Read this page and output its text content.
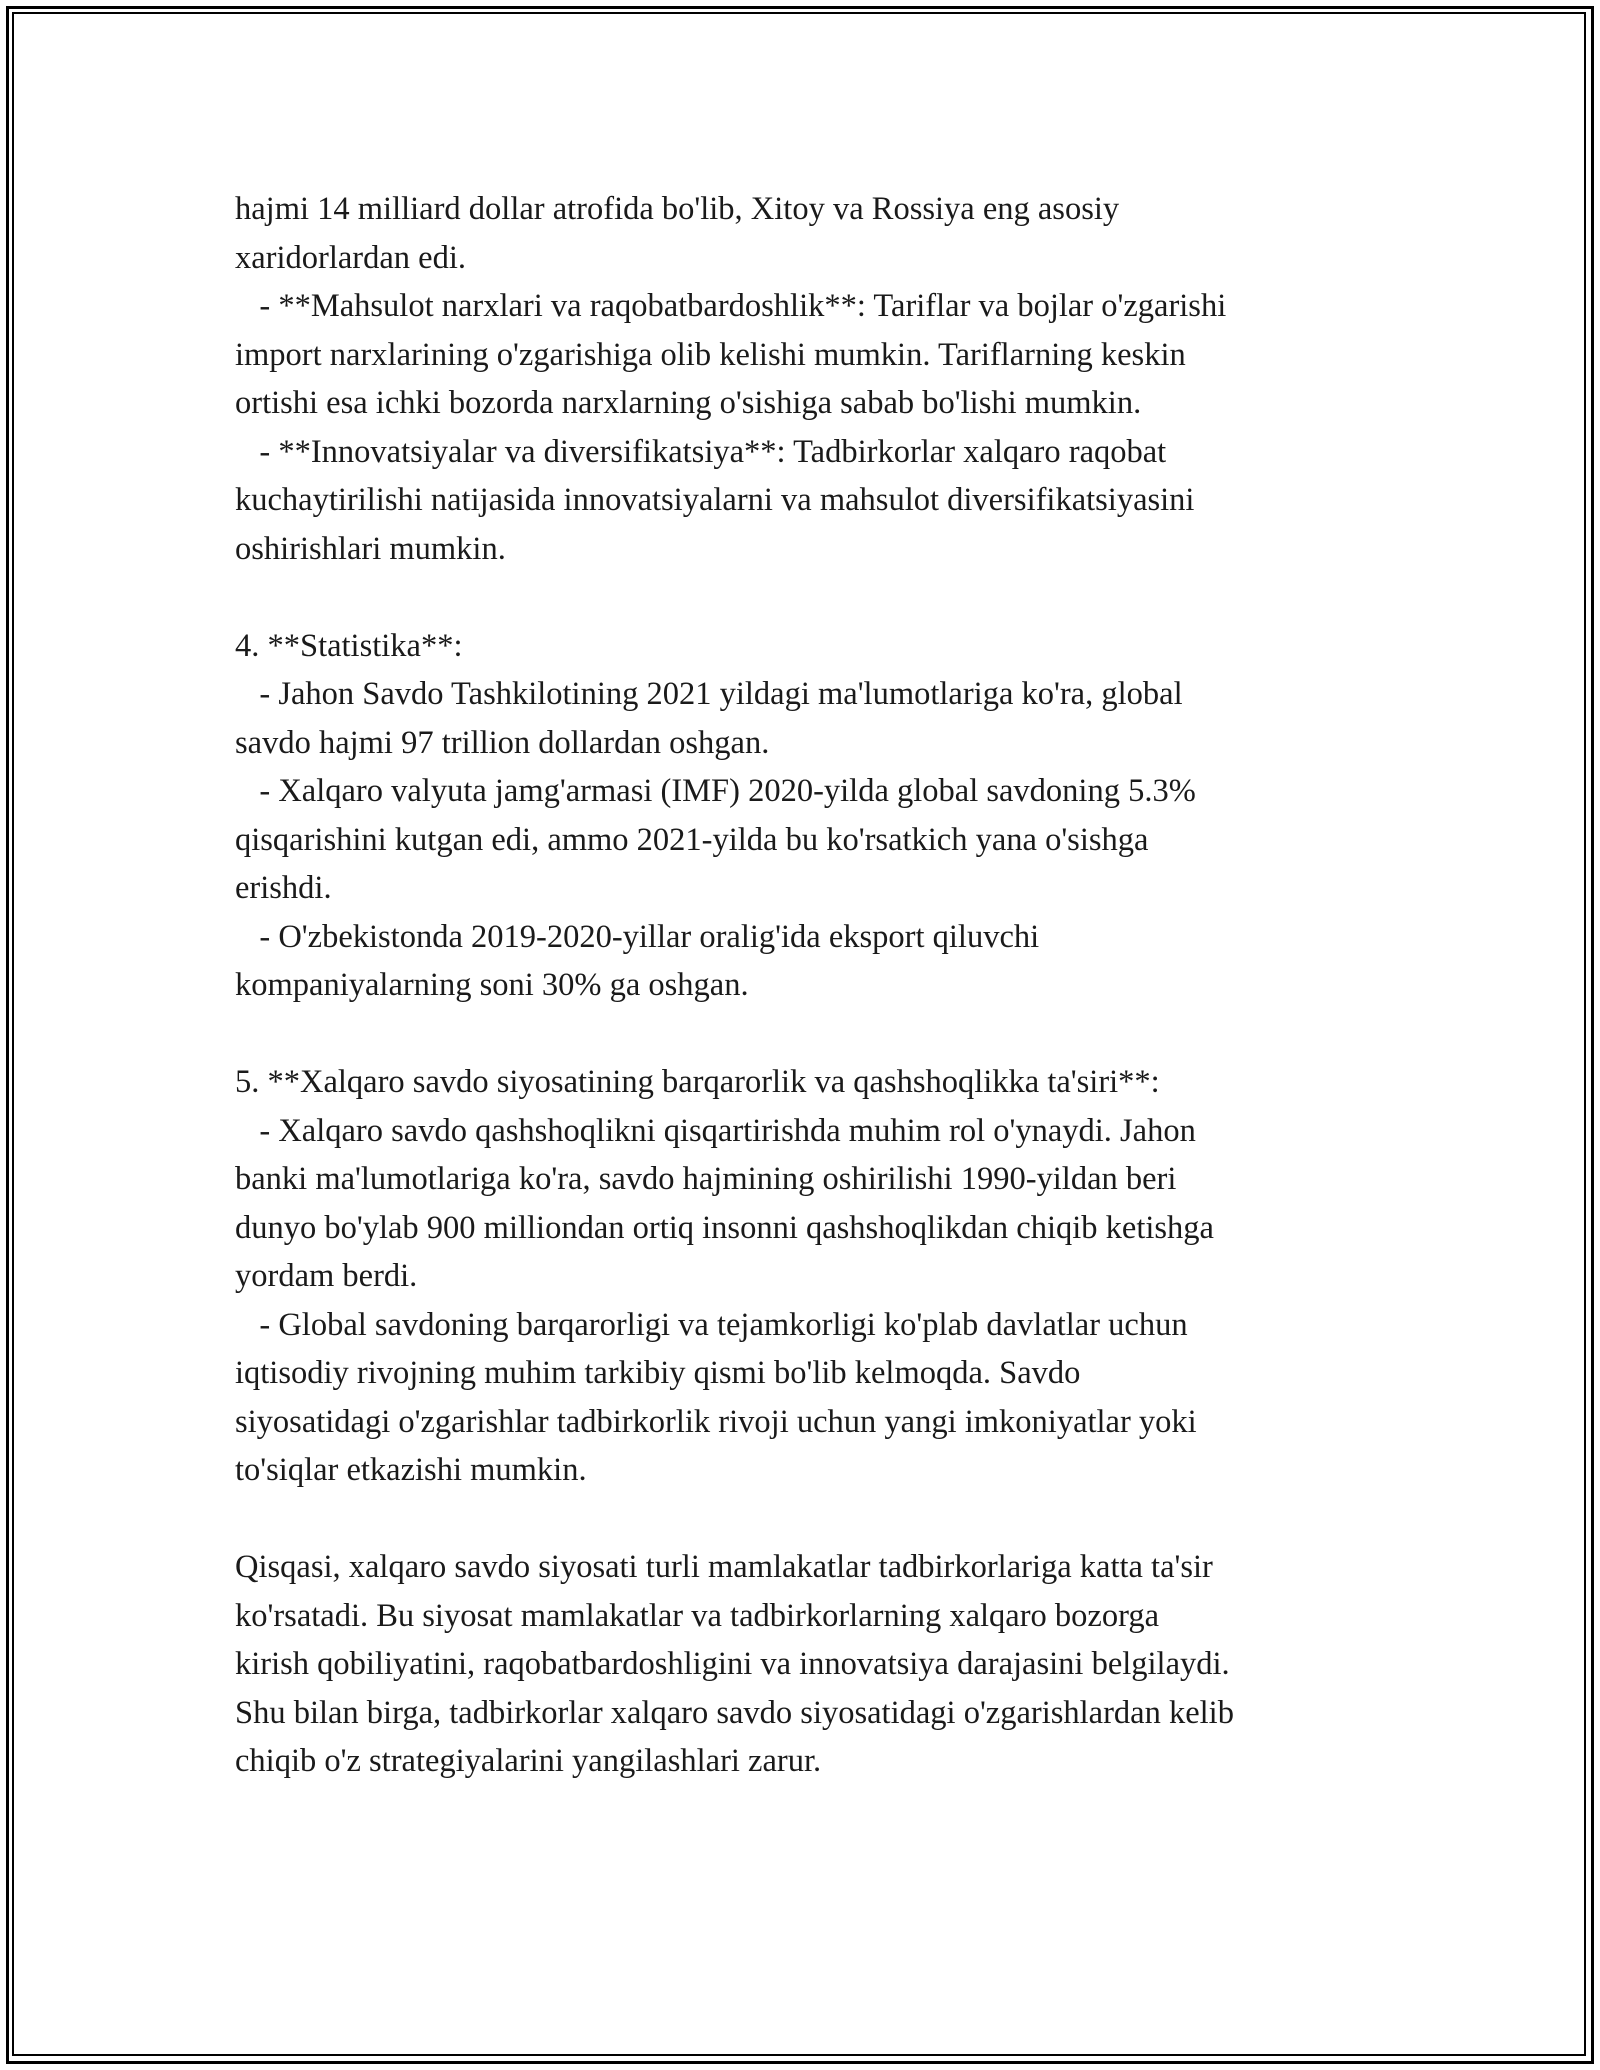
hajmi 14 milliard dollar atrofida bo'lib, Xitoy va Rossiya eng asosiy
xaridorlardan edi.
- **Mahsulot narxlari va raqobatbardoshlik**: Tariflar va bojlar o'zgarishi
import narxlarining o'zgarishiga olib kelishi mumkin. Tariflarning keskin
ortishi esa ichki bozorda narxlarning o'sishiga sabab bo'lishi mumkin.
- **Innovatsiyalar va diversifikatsiya**: Tadbirkorlar xalqaro raqobat
kuchaytirilishi natijasida innovatsiyalarni va mahsulot diversifikatsiyasini
oshirishlari mumkin.
4. **Statistika**:
- Jahon Savdo Tashkilotining 2021 yildagi ma'lumotlariga ko'ra, global
savdo hajmi 97 trillion dollardan oshgan.
- Xalqaro valyuta jamg'armasi (IMF) 2020-yilda global savdoning 5.3%
qisqarishini kutgan edi, ammo 2021-yilda bu ko'rsatkich yana o'sishga
erishdi.
- O'zbekistonda 2019-2020-yillar oralig'ida eksport qiluvchi
kompaniyalarning soni 30% ga oshgan.
5. **Xalqaro savdo siyosatining barqarorlik va qashshoqlikka ta'siri**:
- Xalqaro savdo qashshoqlikni qisqartirishda muhim rol o'ynaydi. Jahon
banki ma'lumotlariga ko'ra, savdo hajmining oshirilishi 1990-yildan beri
dunyo bo'ylab 900 milliondan ortiq insonni qashshoqlikdan chiqib ketishga
yordam berdi.
- Global savdoning barqarorligi va tejamkorligi ko'plab davlatlar uchun
iqtisodiy rivojning muhim tarkibiy qismi bo'lib kelmoqda. Savdo
siyosatidagi o'zgarishlar tadbirkorlik rivoji uchun yangi imkoniyatlar yoki
to'siqlar etkazishi mumkin.
Qisqasi, xalqaro savdo siyosati turli mamlakatlar tadbirkorlariga katta ta'sir
ko'rsatadi. Bu siyosat mamlakatlar va tadbirkorlarning xalqaro bozorga
kirish qobiliyatini, raqobatbardoshligini va innovatsiya darajasini belgilaydi.
Shu bilan birga, tadbirkorlar xalqaro savdo siyosatidagi o'zgarishlardan kelib
chiqib o'z strategiyalarini yangilashlari zarur.
